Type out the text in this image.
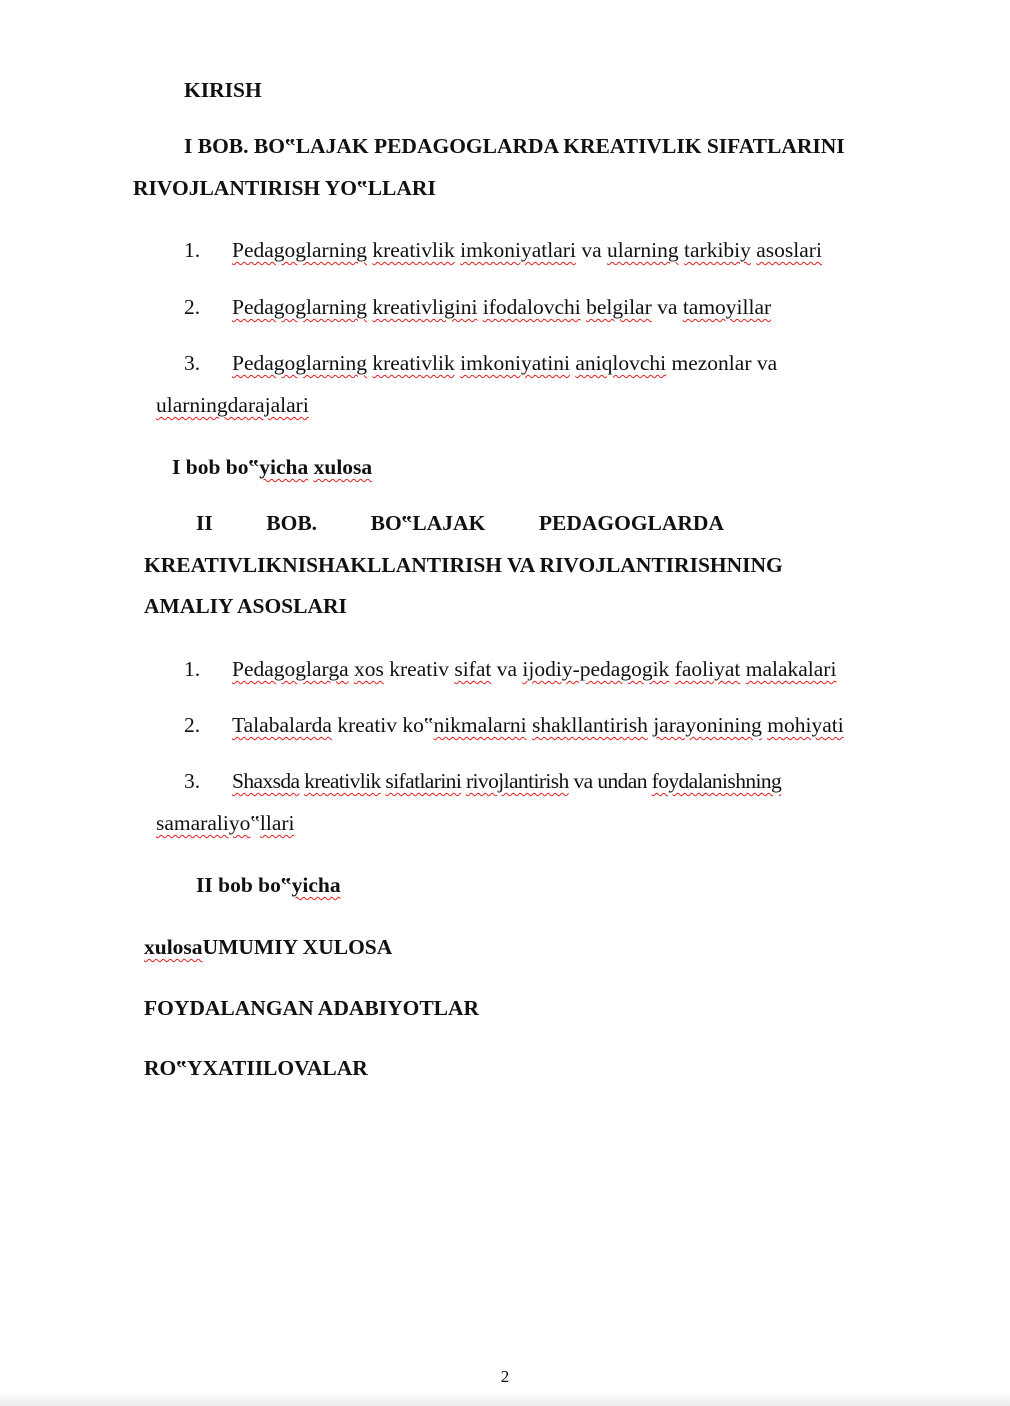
KIRISH
I BOB. BO‟LAJAK PEDAGOGLARDA KREATIVLIK SIFATLARINI
RIVOJLANTIRISH YO‟LLARI
1. Pedagoglarning kreativlik imkoniyatlari va ularning tarkibiy asoslari
2. Pedagoglarning kreativligini ifodalovchi belgilar va tamoyillar
3. Pedagoglarning kreativlik imkoniyatini aniqlovchi mezonlar va
ularningdarajalari
I bob bo‟yicha xulosa
II BOB. BO‟LAJAK PEDAGOGLARDA
KREATIVLIKNISHAKLLANTIRISH VA RIVOJLANTIRISHNING
AMALIY ASOSLARI
1. Pedagoglarga xos kreativ sifat va ijodiy-pedagogik faoliyat malakalari
2. Talabalarda kreativ ko‟nikmalarni shakllantirish jarayonining mohiyati
3. Shaxsda kreativlik sifatlarini rivojlantirish va undan foydalanishning
samaraliyo‟llari
II bob bo‟yicha
xulosaUMUMIY XULOSA
FOYDALANGAN ADABIYOTLAR
RO‟YXATIILOVALAR
2
